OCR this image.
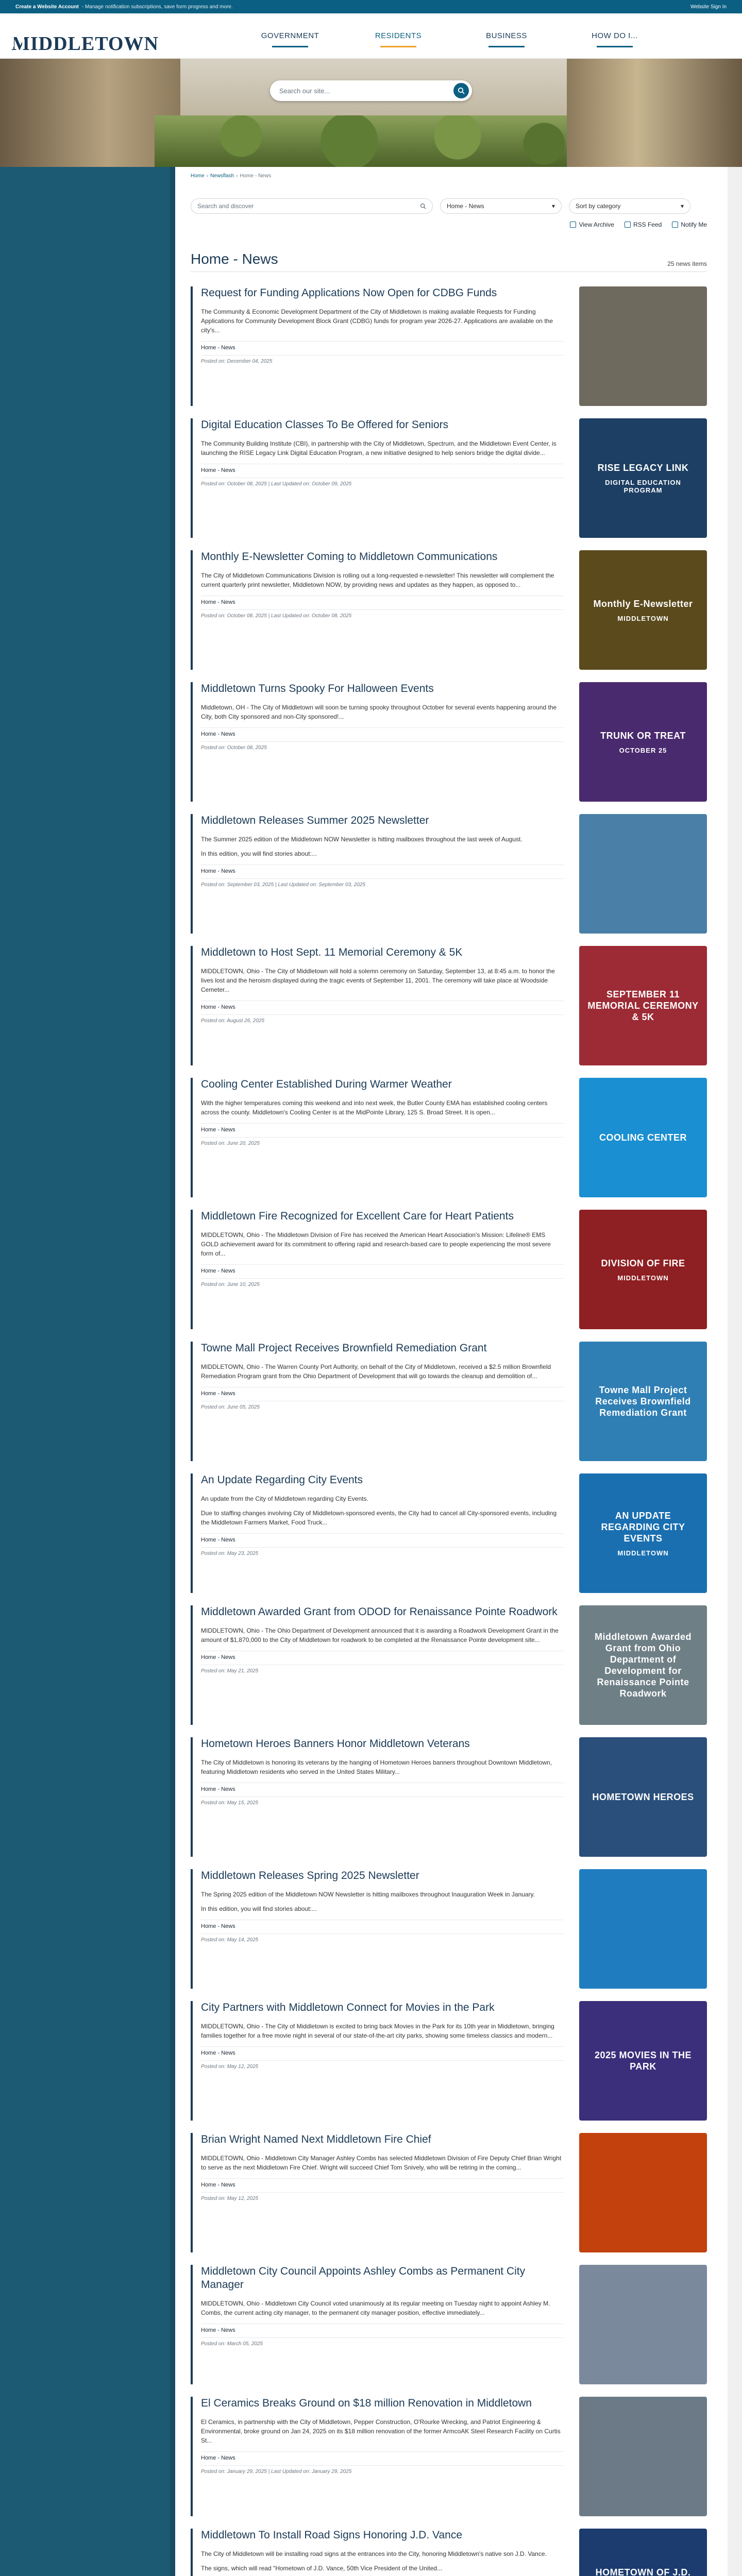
Create a Website Account - Manage notification subscriptions, save form progress and more.	Website Sign In
MIDDLETOWN	GOVERNMENT	RESIDENTS	BUSINESS	HOW DO I...
Search our site...
Home › Newsflash › Home - News
Search and discover	Home - News	▾	Sort by category	▾
View Archive	RSS Feed	Notify Me
Home - News	25 news items
Request for Funding Applications Now Open for CDBG Funds
The Community & Economic Development Department of the City of Middletown is making available Requests for Funding Applications for Community Development Block Grant (CDBG) funds for program year 2026-27. Applications are available on the city's...
Home - News
Posted on: December 04, 2025
Digital Education Classes To Be Offered for Seniors
The Community Building Institute (CBI), in partnership with the City of Middletown, Spectrum, and the Middletown Event Center, is launching the RISE Legacy Link Digital Education Program, a new initiative designed to help seniors bridge the digital divide...
Home - News
Posted on: October 08, 2025 | Last Updated on: October 09, 2025
RISE LEGACY LINK
DIGITAL EDUCATION PROGRAM
Monthly E-Newsletter Coming to Middletown Communications
The City of Middletown Communications Division is rolling out a long-requested e-newsletter! This newsletter will complement the current quarterly print newsletter, Middletown NOW, by providing news and updates as they happen, as opposed to...
Home - News
Posted on: October 08, 2025 | Last Updated on: October 08, 2025
Monthly E-Newsletter
MIDDLETOWN
Middletown Turns Spooky For Halloween Events
Middletown, OH - The City of Middletown will soon be turning spooky throughout October for several events happening around the City, both City sponsored and non-City sponsored!...
Home - News
Posted on: October 08, 2025
TRUNK OR TREAT
OCTOBER 25
Middletown Releases Summer 2025 Newsletter
The Summer 2025 edition of the Middletown NOW Newsletter is hitting mailboxes throughout the last week of August.
In this edition, you will find stories about:...
Home - News
Posted on: September 03, 2025 | Last Updated on: September 03, 2025
Middletown to Host Sept. 11 Memorial Ceremony & 5K
MIDDLETOWN, Ohio - The City of Middletown will hold a solemn ceremony on Saturday, September 13, at 8:45 a.m. to honor the lives lost and the heroism displayed during the tragic events of September 11, 2001. The ceremony will take place at Woodside Cemeter...
Home - News
Posted on: August 26, 2025
SEPTEMBER 11 MEMORIAL CEREMONY & 5K
Cooling Center Established During Warmer Weather
With the higher temperatures coming this weekend and into next week, the Butler County EMA has established cooling centers across the county. Middletown's Cooling Center is at the MidPointe Library, 125 S. Broad Street. It is open...
Home - News
Posted on: June 20, 2025
COOLING CENTER
Middletown Fire Recognized for Excellent Care for Heart Patients
MIDDLETOWN, Ohio - The Middletown Division of Fire has received the American Heart Association's Mission: Lifeline® EMS GOLD achievement award for its commitment to offering rapid and research-based care to people experiencing the most severe form of...
Home - News
Posted on: June 10, 2025
DIVISION OF FIRE
MIDDLETOWN
Towne Mall Project Receives Brownfield Remediation Grant
MIDDLETOWN, Ohio - The Warren County Port Authority, on behalf of the City of Middletown, received a $2.5 million Brownfield Remediation Program grant from the Ohio Department of Development that will go towards the cleanup and demolition of...
Home - News
Posted on: June 05, 2025
Towne Mall Project Receives Brownfield Remediation Grant
An Update Regarding City Events
An update from the City of Middletown regarding City Events.
Due to staffing changes involving City of Middletown-sponsored events, the City had to cancel all City-sponsored events, including the Middletown Farmers Market, Food Truck...
Home - News
Posted on: May 23, 2025
AN UPDATE REGARDING CITY EVENTS
MIDDLETOWN
Middletown Awarded Grant from ODOD for Renaissance Pointe Roadwork
MIDDLETOWN, Ohio - The Ohio Department of Development announced that it is awarding a Roadwork Development Grant in the amount of $1,870,000 to the City of Middletown for roadwork to be completed at the Renaissance Pointe development site...
Home - News
Posted on: May 21, 2025
Middletown Awarded Grant from Ohio Department of Development for Renaissance Pointe Roadwork
Hometown Heroes Banners Honor Middletown Veterans
The City of Middletown is honoring its veterans by the hanging of Hometown Heroes banners throughout Downtown Middletown, featuring Middletown residents who served in the United States Military...
Home - News
Posted on: May 15, 2025
HOMETOWN HEROES
Middletown Releases Spring 2025 Newsletter
The Spring 2025 edition of the Middletown NOW Newsletter is hitting mailboxes throughout Inauguration Week in January.
In this edition, you will find stories about:...
Home - News
Posted on: May 14, 2025
City Partners with Middletown Connect for Movies in the Park
MIDDLETOWN, Ohio - The City of Middletown is excited to bring back Movies in the Park for its 10th year in Middletown, bringing families together for a free movie night in several of our state-of-the-art city parks, showing some timeless classics and modern...
Home - News
Posted on: May 12, 2025
2025 MOVIES IN THE PARK
Brian Wright Named Next Middletown Fire Chief
MIDDLETOWN, Ohio - Middletown City Manager Ashley Combs has selected Middletown Division of Fire Deputy Chief Brian Wright to serve as the next Middletown Fire Chief. Wright will succeed Chief Tom Snively, who will be retiring in the coming...
Home - News
Posted on: May 12, 2025
Middletown City Council Appoints Ashley Combs as Permanent City Manager
MIDDLETOWN, Ohio - Middletown City Council voted unanimously at its regular meeting on Tuesday night to appoint Ashley M. Combs, the current acting city manager, to the permanent city manager position, effective immediately...
Home - News
Posted on: March 05, 2025
El Ceramics Breaks Ground on $18 million Renovation in Middletown
El Ceramics, in partnership with the City of Middletown, Pepper Construction, O'Rourke Wrecking, and Patriot Engineering & Environmental, broke ground on Jan 24, 2025 on its $18 million renovation of the former ArmcoAK Steel Research Facility on Curtis St...
Home - News
Posted on: January 29, 2025 | Last Updated on: January 29, 2025
Middletown To Install Road Signs Honoring J.D. Vance
The City of Middletown will be installing road signs at the entrances into the City, honoring Middletown's native son J.D. Vance.
The signs, which will read "Hometown of J.D. Vance, 50th Vice President of the United...	HOMETOWN OF J.D.
